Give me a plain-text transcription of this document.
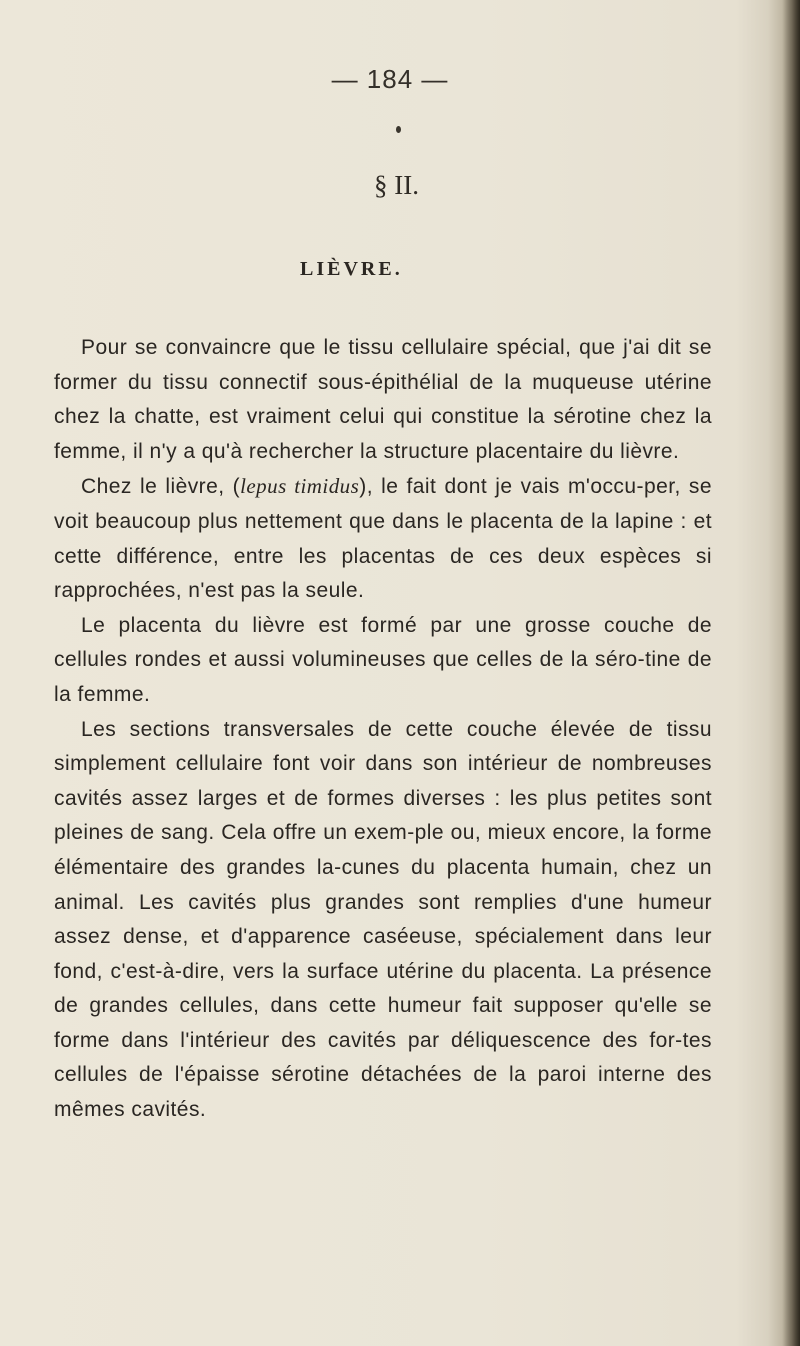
— 184 —
§ II.
LIÈVRE.

Pour se convaincre que le tissu cellulaire spécial, que j'ai dit se former du tissu connectif sous-épithélial de la muqueuse utérine chez la chatte, est vraiment celui qui constitue la sérotine chez la femme, il n'y a qu'à rechercher la structure placentaire du lièvre.

Chez le lièvre, (lepus timidus), le fait dont je vais m'occu-per, se voit beaucoup plus nettement que dans le placenta de la lapine : et cette différence, entre les placentas de ces deux espèces si rapprochées, n'est pas la seule.

Le placenta du lièvre est formé par une grosse couche de cellules rondes et aussi volumineuses que celles de la séro-tine de la femme.

Les sections transversales de cette couche élevée de tissu simplement cellulaire font voir dans son intérieur de nombreuses cavités assez larges et de formes diverses : les plus petites sont pleines de sang. Cela offre un exem-ple ou, mieux encore, la forme élémentaire des grandes la-cunes du placenta humain, chez un animal. Les cavités plus grandes sont remplies d'une humeur assez dense, et d'apparence caséeuse, spécialement dans leur fond, c'est-à-dire, vers la surface utérine du placenta. La présence de grandes cellules, dans cette humeur fait supposer qu'elle se forme dans l'intérieur des cavités par déliquescence des for-tes cellules de l'épaisse sérotine détachées de la paroi interne des mêmes cavités.
